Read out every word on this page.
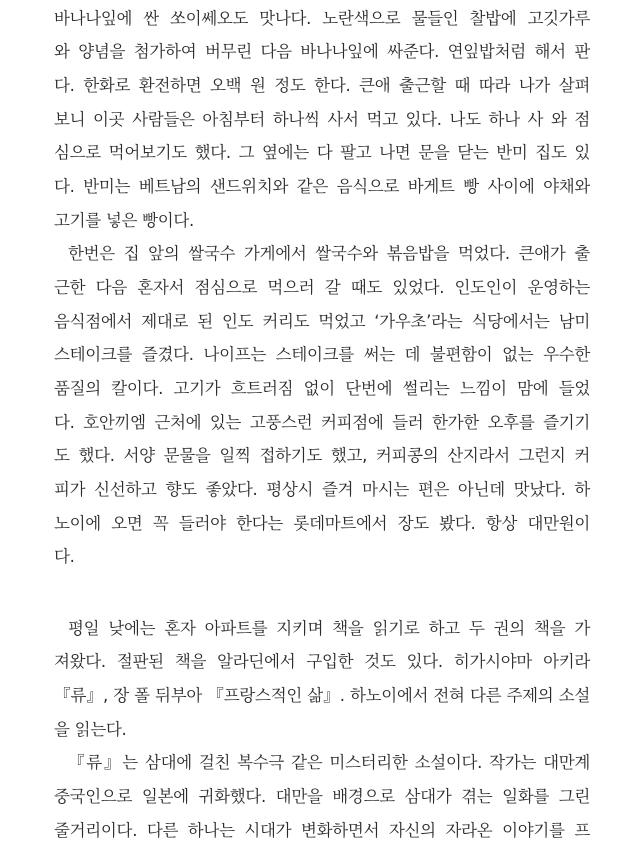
바나나잎에 싼 쏘이쎄오도 맛나다. 노란색으로 물들인 찰밥에 고깃가루
와 양념을 첨가하여 버무린 다음 바나나잎에 싸준다. 연잎밥처럼 해서 판
다. 한화로 환전하면 오백 원 정도 한다. 큰애 출근할 때 따라 나가 살펴
보니 이곳 사람들은 아침부터 하나씩 사서 먹고 있다. 나도 하나 사 와 점
심으로 먹어보기도 했다. 그 옆에는 다 팔고 나면 문을 닫는 반미 집도 있
다. 반미는 베트남의 샌드위치와 같은 음식으로 바게트 빵 사이에 야채와
고기를 넣은 빵이다.
한번은 집 앞의 쌀국수 가게에서 쌀국수와 볶음밥을 먹었다. 큰애가 출
근한 다음 혼자서 점심으로 먹으러 갈 때도 있었다. 인도인이 운영하는
음식점에서 제대로 된 인도 커리도 먹었고 ‘가우초’라는 식당에서는 남미
스테이크를 즐겼다. 나이프는 스테이크를 써는 데 불편함이 없는 우수한
품질의 칼이다. 고기가 흐트러짐 없이 단번에 썰리는 느낌이 맘에 들었
다. 호안끼엠 근처에 있는 고풍스런 커피점에 들러 한가한 오후를 즐기기
도 했다. 서양 문물을 일찍 접하기도 했고, 커피콩의 산지라서 그런지 커
피가 신선하고 향도 좋았다. 평상시 즐겨 마시는 편은 아닌데 맛났다. 하
노이에 오면 꼭 들러야 한다는 롯데마트에서 장도 봤다. 항상 대만원이
다.
평일 낮에는 혼자 아파트를 지키며 책을 읽기로 하고 두 권의 책을 가
져왔다. 절판된 책을 알라딘에서 구입한 것도 있다. 히가시야마 아키라
『류』, 장 폴 뒤부아 『프랑스적인 삶』. 하노이에서 전혀 다른 주제의 소설
을 읽는다.
『류』는 삼대에 걸친 복수극 같은 미스터리한 소설이다. 작가는 대만계
중국인으로 일본에 귀화했다. 대만을 배경으로 삼대가 겪는 일화를 그린
줄거리이다. 다른 하나는 시대가 변화하면서 자신의 자라온 이야기를 프
